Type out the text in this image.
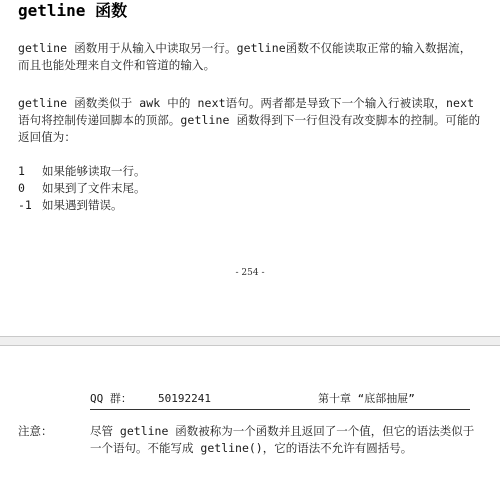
getline 函数
getline 函数用于从输入中读取另一行。getline函数不仅能读取正常的输入数据流，而且也能处理来自文件和管道的输入。
getline 函数类似于 awk 中的 next语句。两者都是导致下一个输入行被读取，next语句将控制传递回脚本的顶部。getline 函数得到下一行但没有改变脚本的控制。可能的返回值为：
1	如果能够读取一行。
0	如果到了文件末尾。
-1 如果遇到错误。
- 254 -
QQ 群： 50192241	第十章 “底部抽屉”
注意：	尽管 getline 函数被称为一个函数并且返回了一个值，但它的语法类似于一个语句。不能写成 getline()，它的语法不允许有圆括号。
